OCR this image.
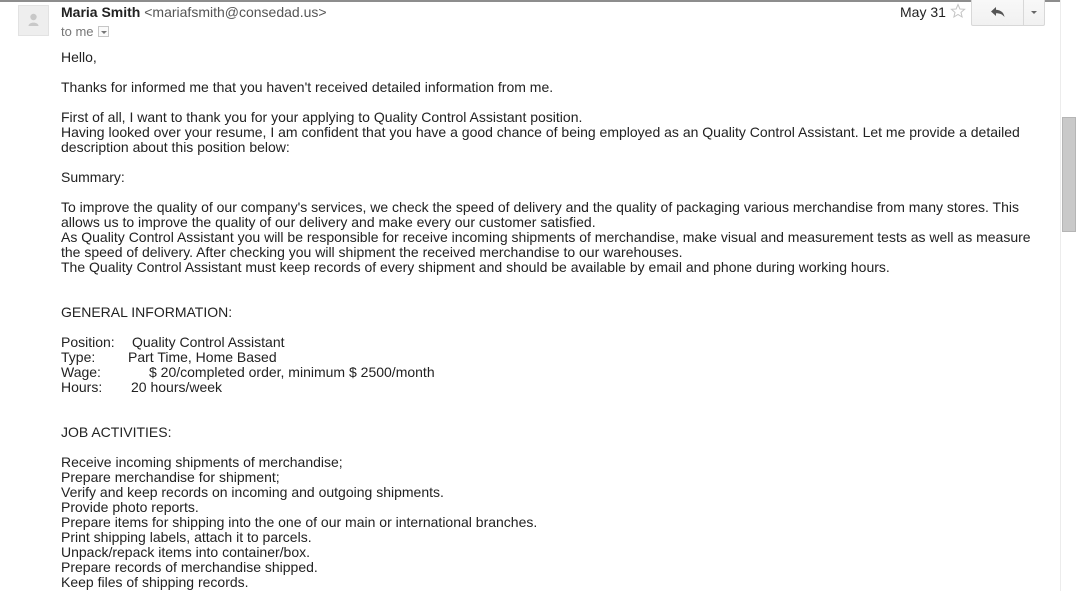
Maria Smith <mariafsmith@consedad.us>
to me
May 31

Hello,

Thanks for informed me that you haven't received detailed information from me.

First of all, I want to thank you for your applying to Quality Control Assistant position.

Having looked over your resume, I am confident that you have a good chance of being employed as an Quality Control Assistant. Let me provide a detailed description about this position below:

Summary:

To improve the quality of our company's services, we check the speed of delivery and the quality of packaging various merchandise from many stores. This allows us to improve the quality of our delivery and make every our customer satisfied.

As Quality Control Assistant you will be responsible for receive incoming shipments of merchandise, make visual and measurement tests as well as measure the speed of delivery. After checking you will shipment the received merchandise to our warehouses.

The Quality Control Assistant must keep records of every shipment and should be available by email and phone during working hours.

GENERAL INFORMATION:

Position: Quality Control Assistant
Type: Part Time, Home Based
Wage:	$ 20/completed order, minimum $ 2500/month
Hours: 20 hours/week

JOB ACTIVITIES:

Receive incoming shipments of merchandise;

Prepare merchandise for shipment;

Verify and keep records on incoming and outgoing shipments.

Provide photo reports.

Prepare items for shipping into the one of our main or international branches.

Print shipping labels, attach it to parcels.

Unpack/repack items into container/box.

Prepare records of merchandise shipped.

Keep files of shipping records.
